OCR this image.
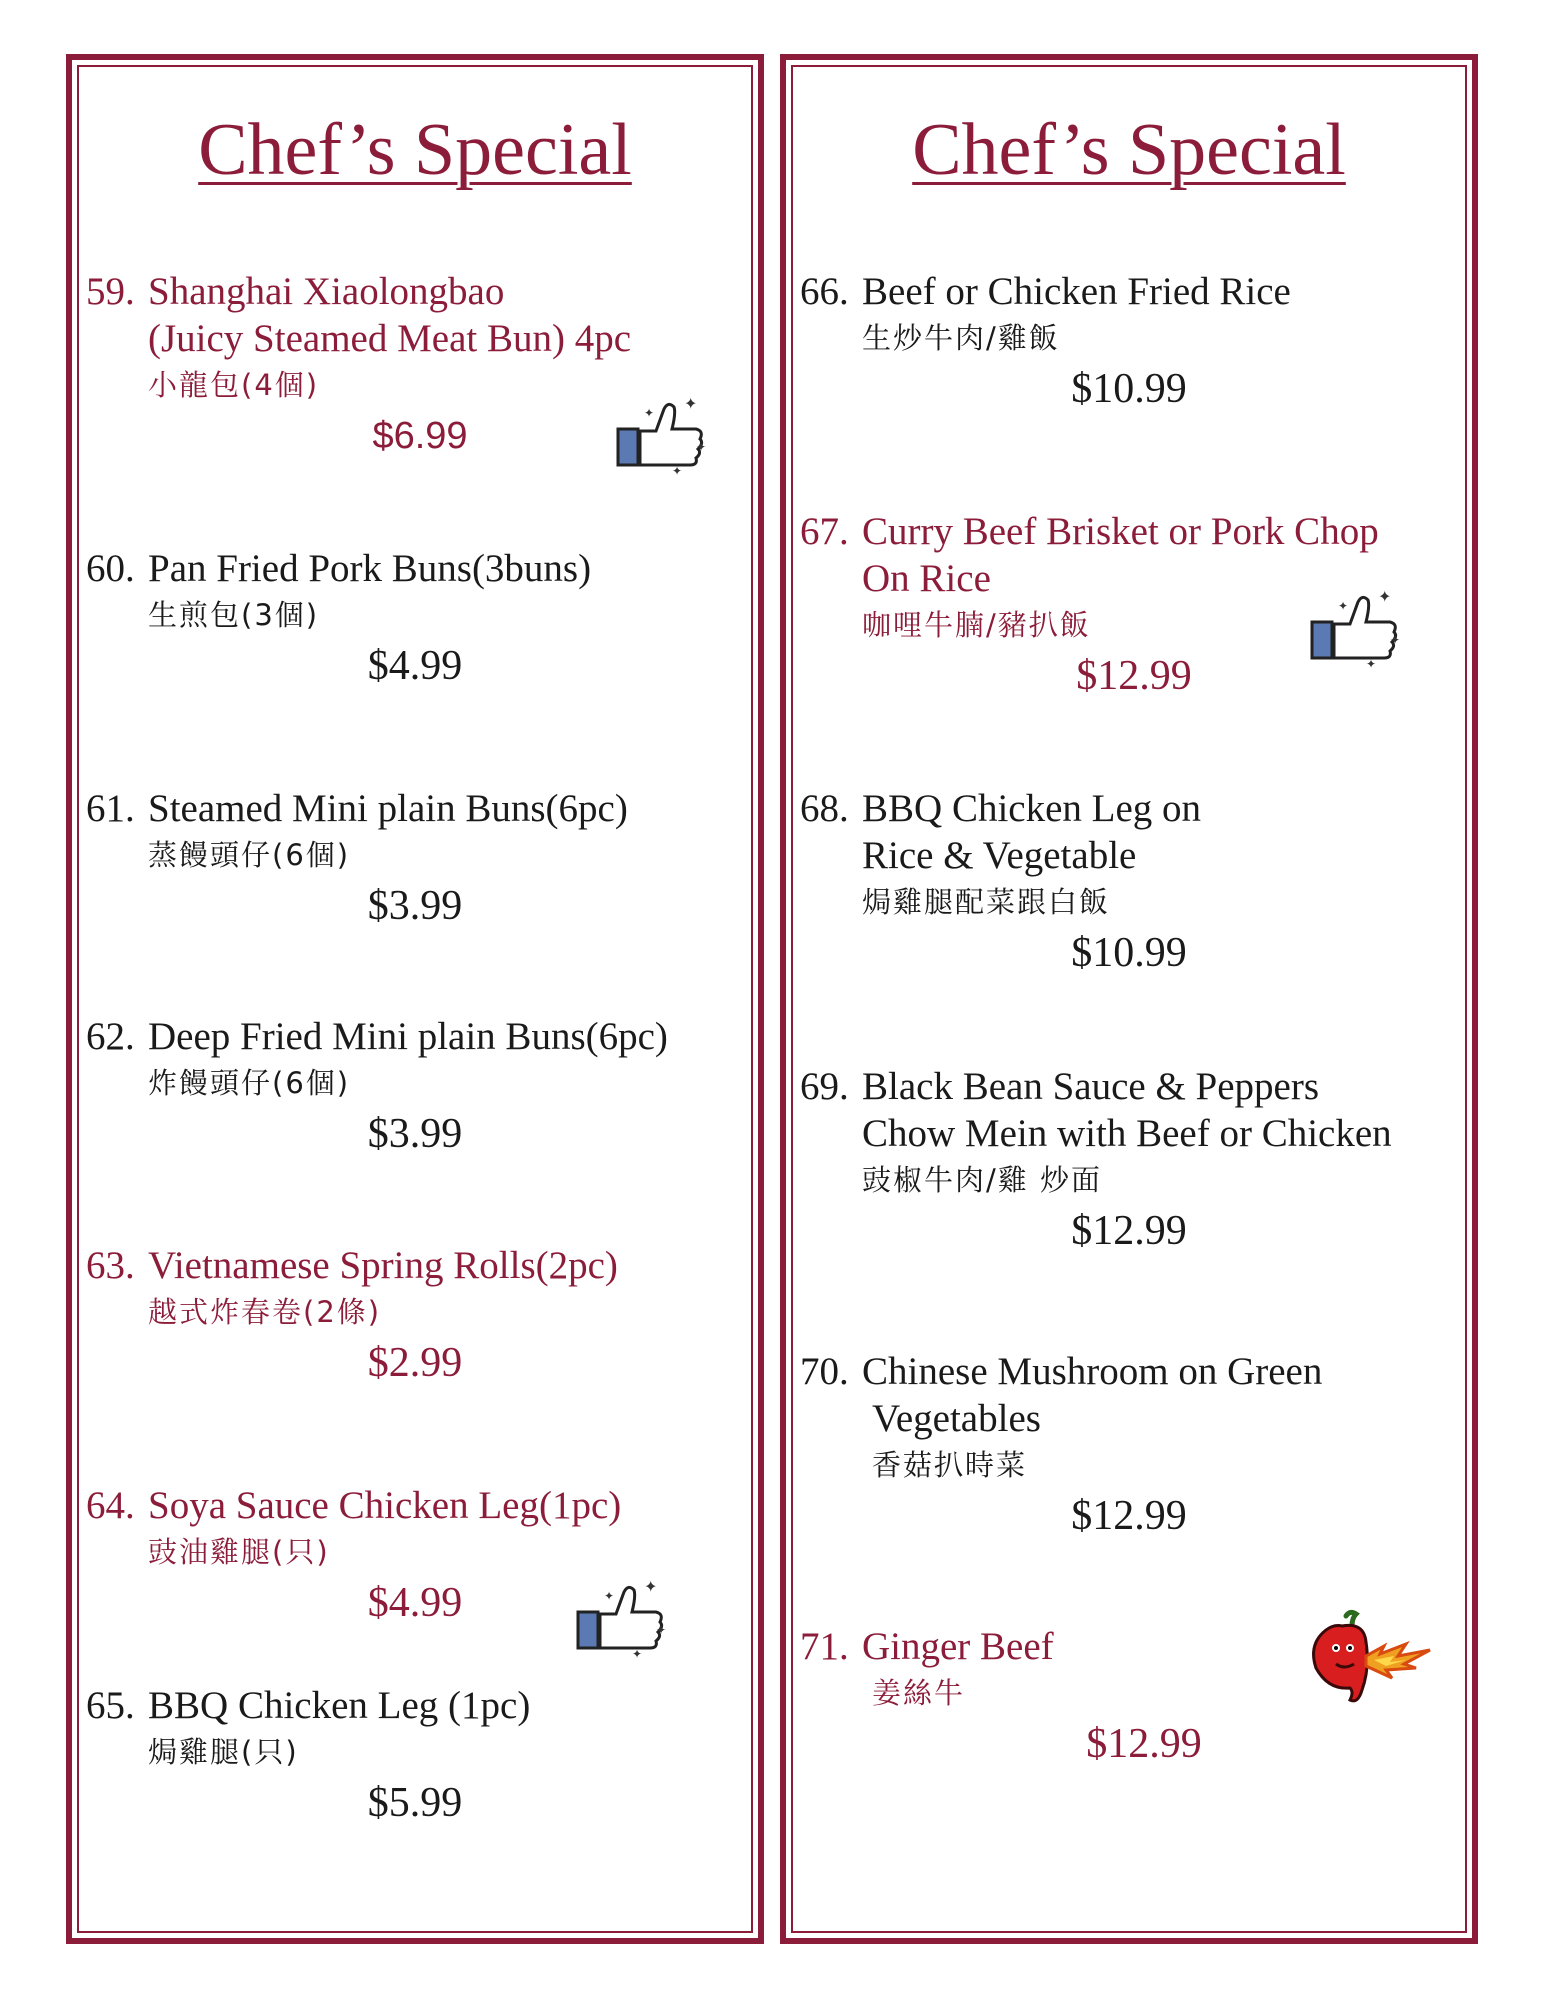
Chef’s Special
59. Shanghai Xiaolongbao
(Juicy Steamed Meat Bun) 4pc
小龍包(4個)
$6.99
60. Pan Fried Pork Buns(3buns)
生煎包(3個)
$4.99
61. Steamed Mini plain Buns(6pc)
蒸饅頭仔(6個)
$3.99
62. Deep Fried Mini plain Buns(6pc)
炸饅頭仔(6個)
$3.99
63. Vietnamese Spring Rolls(2pc)
越式炸春卷(2條)
$2.99
64. Soya Sauce Chicken Leg(1pc)
豉油雞腿(只)
$4.99
65. BBQ Chicken Leg (1pc)
焗雞腿(只)
$5.99
✦
✦
✦
✦
✦
✦
✦
✦
Chef’s Special
66. Beef or Chicken Fried Rice
生炒牛肉/雞飯
$10.99
67. Curry Beef Brisket or Pork Chop
On Rice
咖哩牛腩/豬扒飯
$12.99
68. BBQ Chicken Leg on
Rice & Vegetable
焗雞腿配菜跟白飯
$10.99
69. Black Bean Sauce & Peppers
Chow Mein with Beef or Chicken
豉椒牛肉/雞 炒面
$12.99
70. Chinese Mushroom on Green
Vegetables
香菇扒時菜
$12.99
71. Ginger Beef
姜絲牛
$12.99
✦
✦
✦
✦
